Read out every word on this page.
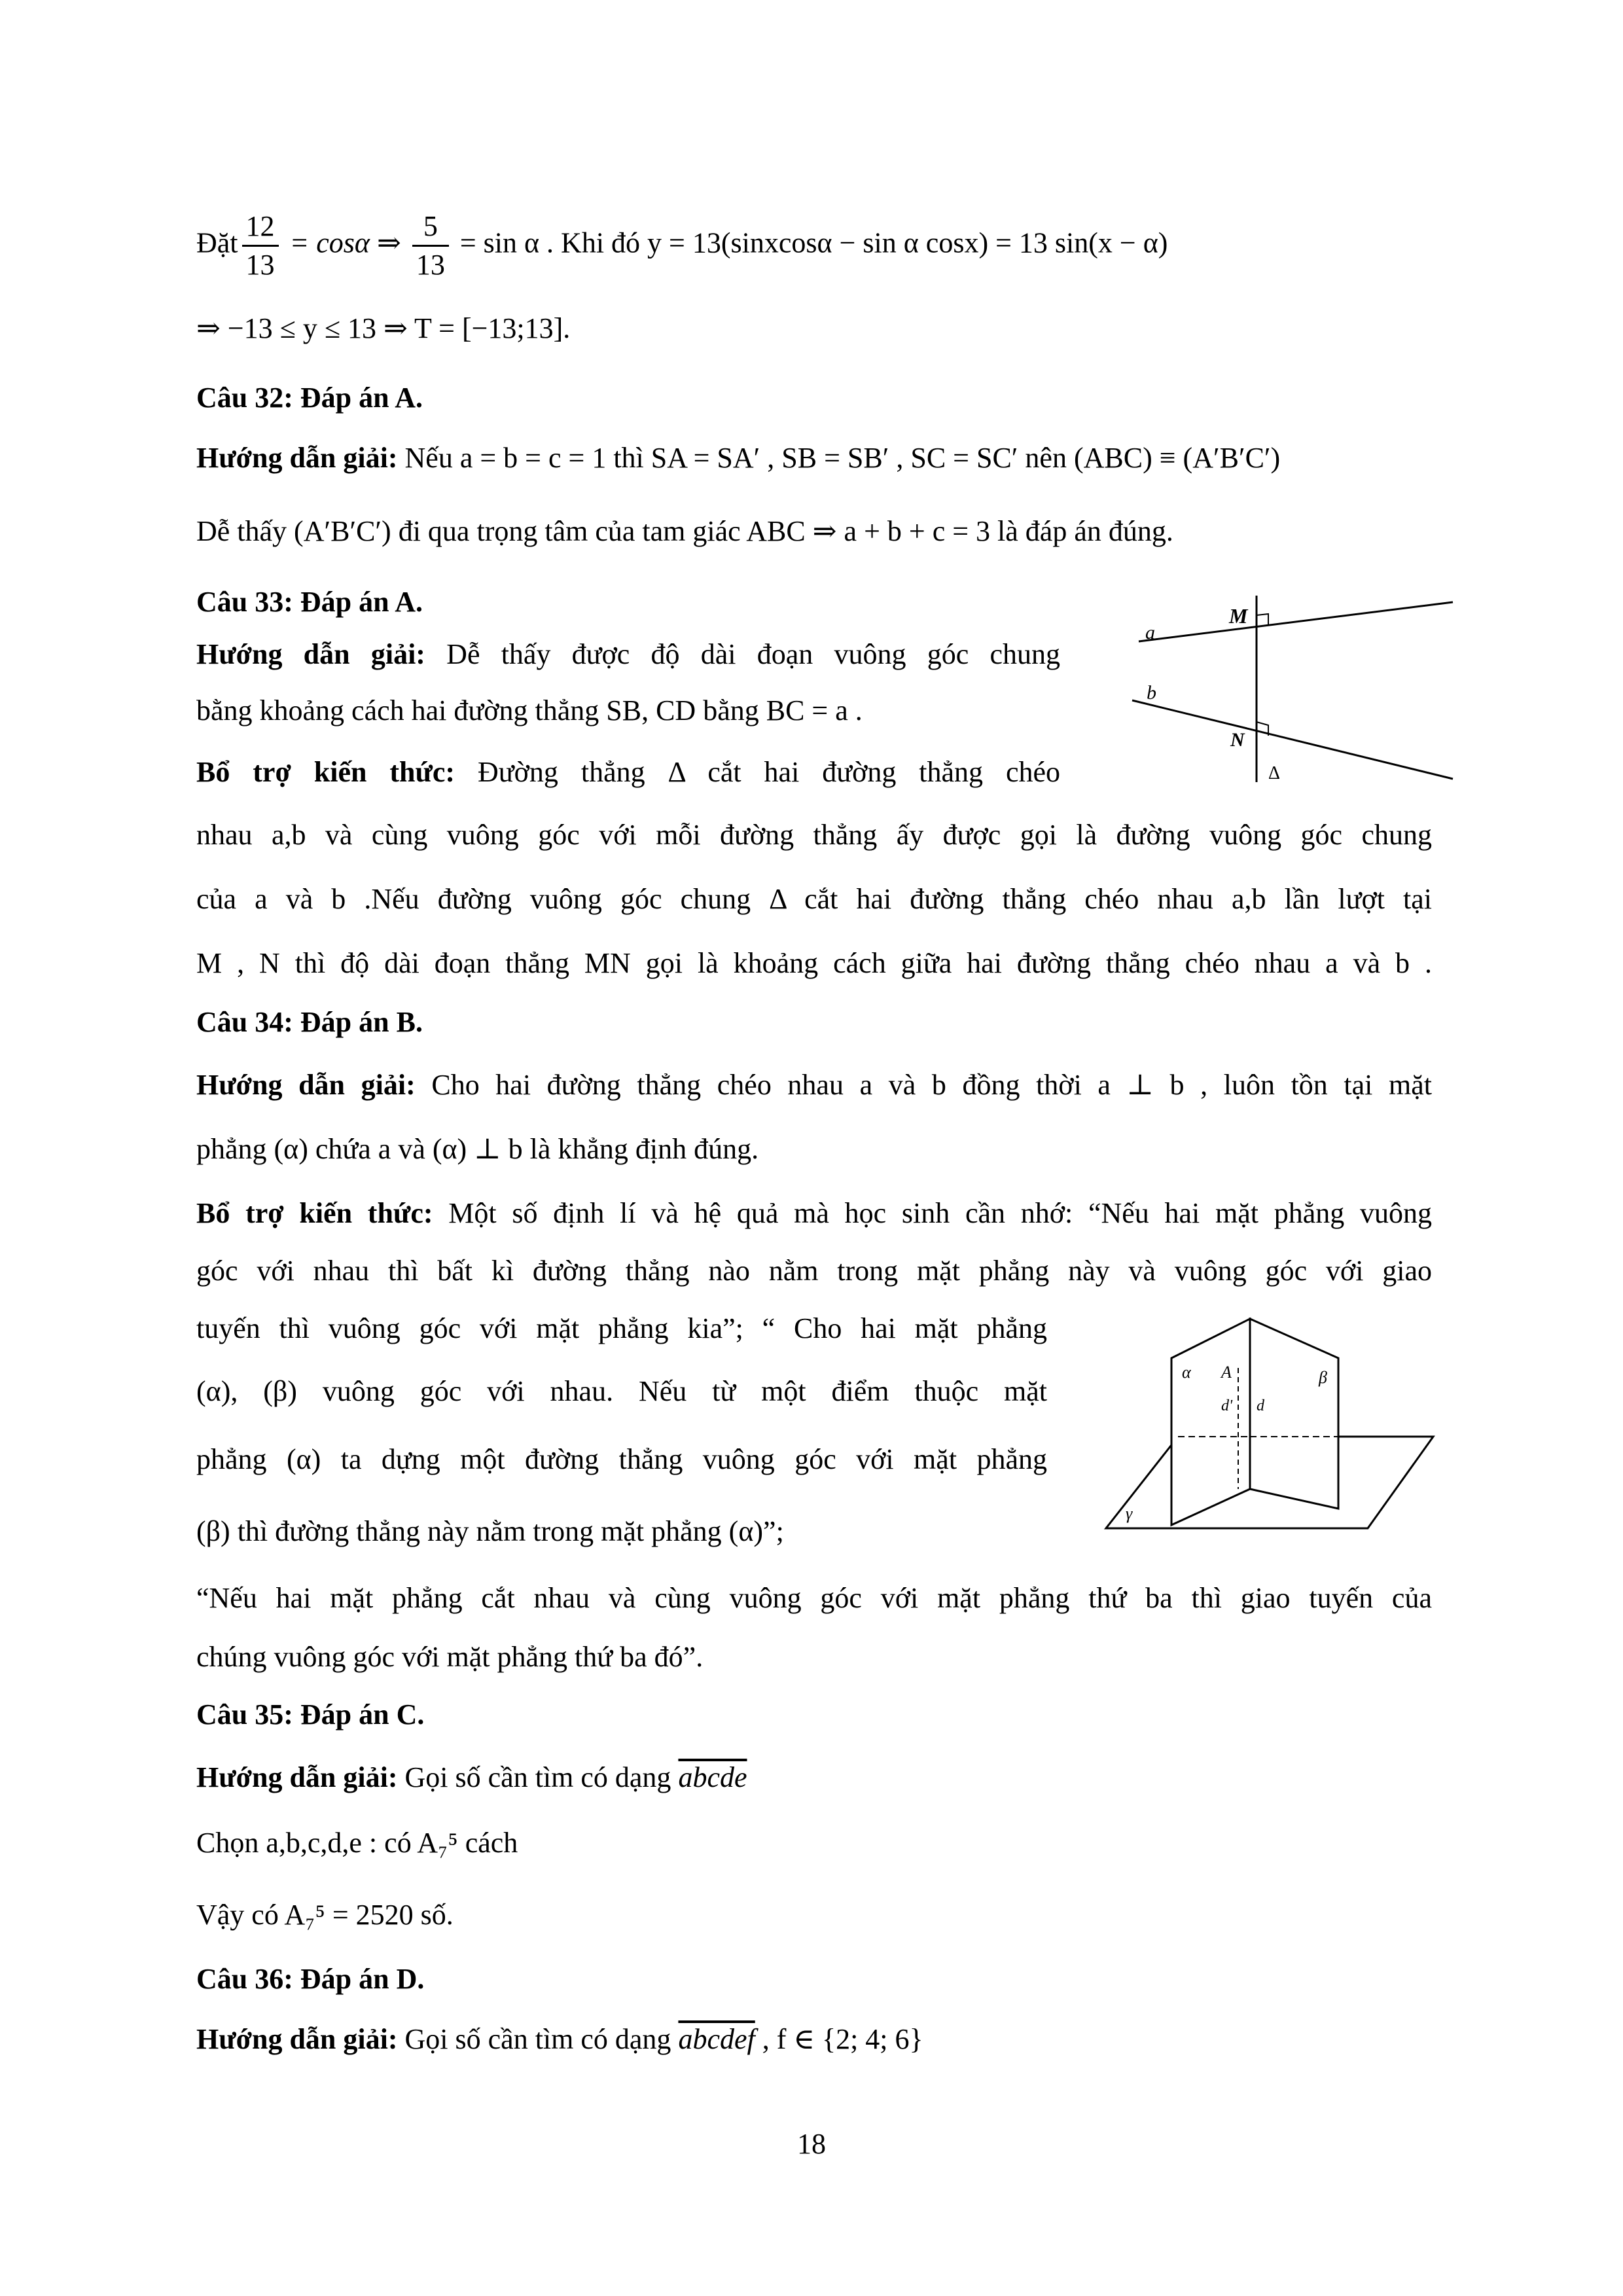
Đặt $\frac{12}{13} = \cos\alpha$ ⇒ $\frac{5}{13} = \sin \alpha$ . Khi đó y = 13(sinxcosα − sin α cosx) = 13 sin(x − α)
⇒ −13 ≤ y ≤ 13 ⇒ T = [−13;13].
Câu 32: Đáp án A.
Hướng dẫn giải: Nếu a = b = c = 1 thì SA = SA′ , SB = SB′ , SC = SC′ nên (ABC) ≡ (A′B′C′)
Dễ thấy (A′B′C′) đi qua trọng tâm của tam giác ABC ⇒ a + b + c = 3 là đáp án đúng.
Câu 33: Đáp án A.
Hướng dẫn giải: Dễ thấy được độ dài đoạn vuông góc chung
bằng khoảng cách hai đường thẳng SB, CD bằng BC = a .
Bổ trợ kiến thức: Đường thẳng Δ cắt hai đường thẳng chéo
nhau a,b và cùng vuông góc với mỗi đường thẳng ấy được gọi là đường vuông góc chung
của a và b .Nếu đường vuông góc chung Δ cắt hai đường thẳng chéo nhau a,b lần lượt tại
M , N thì độ dài đoạn thẳng MN gọi là khoảng cách giữa hai đường thẳng chéo nhau a và b .
Câu 34: Đáp án B.
Hướng dẫn giải: Cho hai đường thẳng chéo nhau a và b đồng thời a ⊥ b , luôn tồn tại mặt
phẳng (α) chứa a và (α) ⊥ b là khẳng định đúng.
Bổ trợ kiến thức: Một số định lí và hệ quả mà học sinh cần nhớ: “Nếu hai mặt phẳng vuông
góc với nhau thì bất kì đường thẳng nào nằm trong mặt phẳng này và vuông góc với giao
tuyến thì vuông góc với mặt phẳng kia”; “ Cho hai mặt phẳng
(α), (β) vuông góc với nhau. Nếu từ một điểm thuộc mặt
phẳng (α) ta dựng một đường thẳng vuông góc với mặt phẳng
(β) thì đường thẳng này nằm trong mặt phẳng (α)”;
“Nếu hai mặt phẳng cắt nhau và cùng vuông góc với mặt phẳng thứ ba thì giao tuyến của
chúng vuông góc với mặt phẳng thứ ba đó”.
Câu 35: Đáp án C.
Hướng dẫn giải: Gọi số cần tìm có dạng abcde
Chọn a,b,c,d,e : có A₇⁵ cách
Vậy có A₇⁵ = 2520 số.
Câu 36: Đáp án D.
Hướng dẫn giải: Gọi số cần tìm có dạng abcdef , f ∈ {2; 4; 6}
a
b
M
N
Δ
α	β
A
d' d
γ
18
